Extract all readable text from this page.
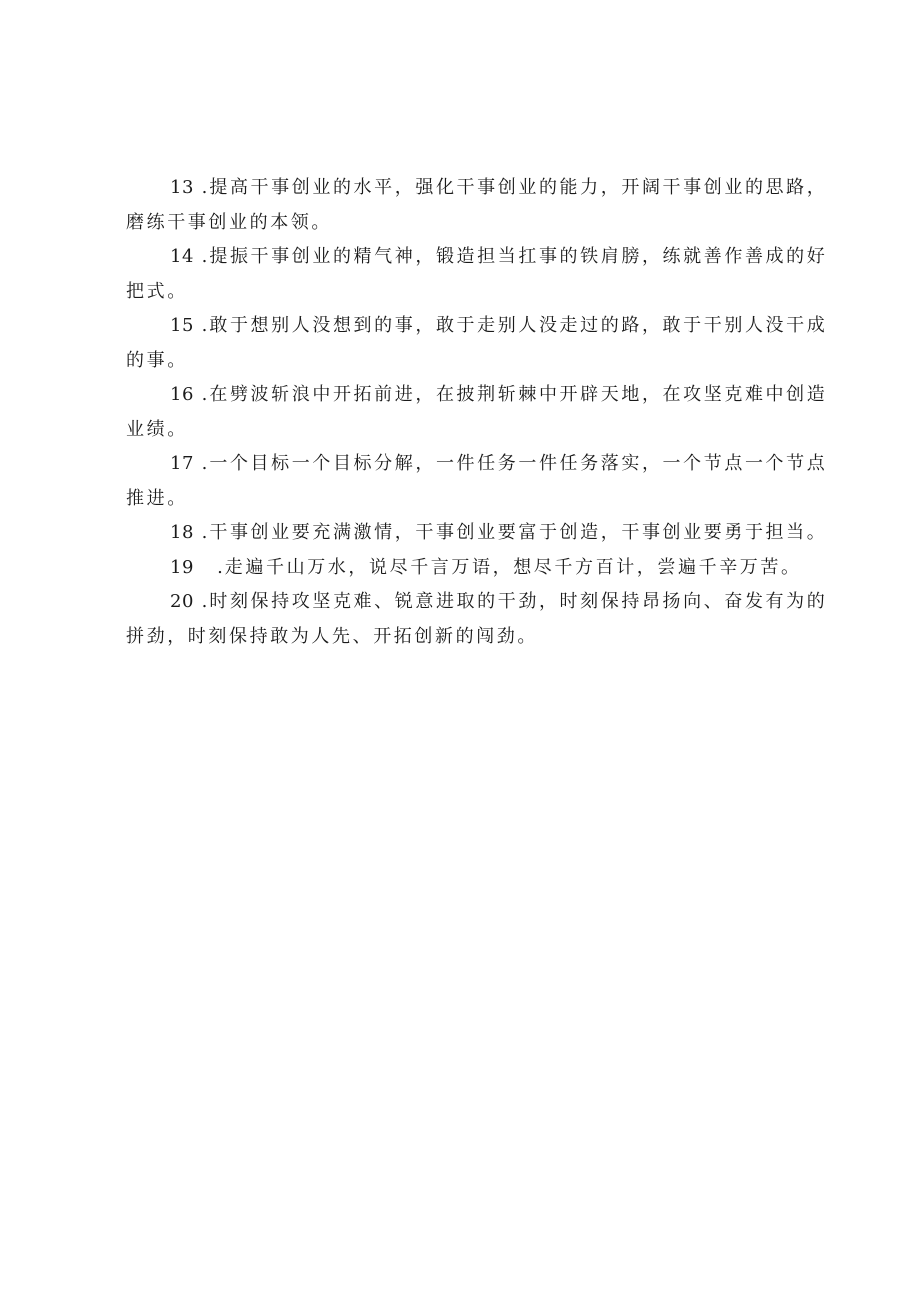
13 .提高干事创业的水平，强化干事创业的能力，开阔干事创业的思路，磨练干事创业的本领。

14 .提振干事创业的精气神，锻造担当扛事的铁肩膀，练就善作善成的好把式。

15 .敢于想别人没想到的事，敢于走别人没走过的路，敢于干别人没干成的事。

16 .在劈波斩浪中开拓前进，在披荆斩棘中开辟天地，在攻坚克难中创造业绩。

17 .一个目标一个目标分解，一件任务一件任务落实，一个节点一个节点推进。

18 .干事创业要充满激情，干事创业要富于创造，干事创业要勇于担当。

19   .走遍千山万水，说尽千言万语，想尽千方百计，尝遍千辛万苦。

20 .时刻保持攻坚克难、锐意进取的干劲，时刻保持昂扬向、奋发有为的拼劲，时刻保持敢为人先、开拓创新的闯劲。
